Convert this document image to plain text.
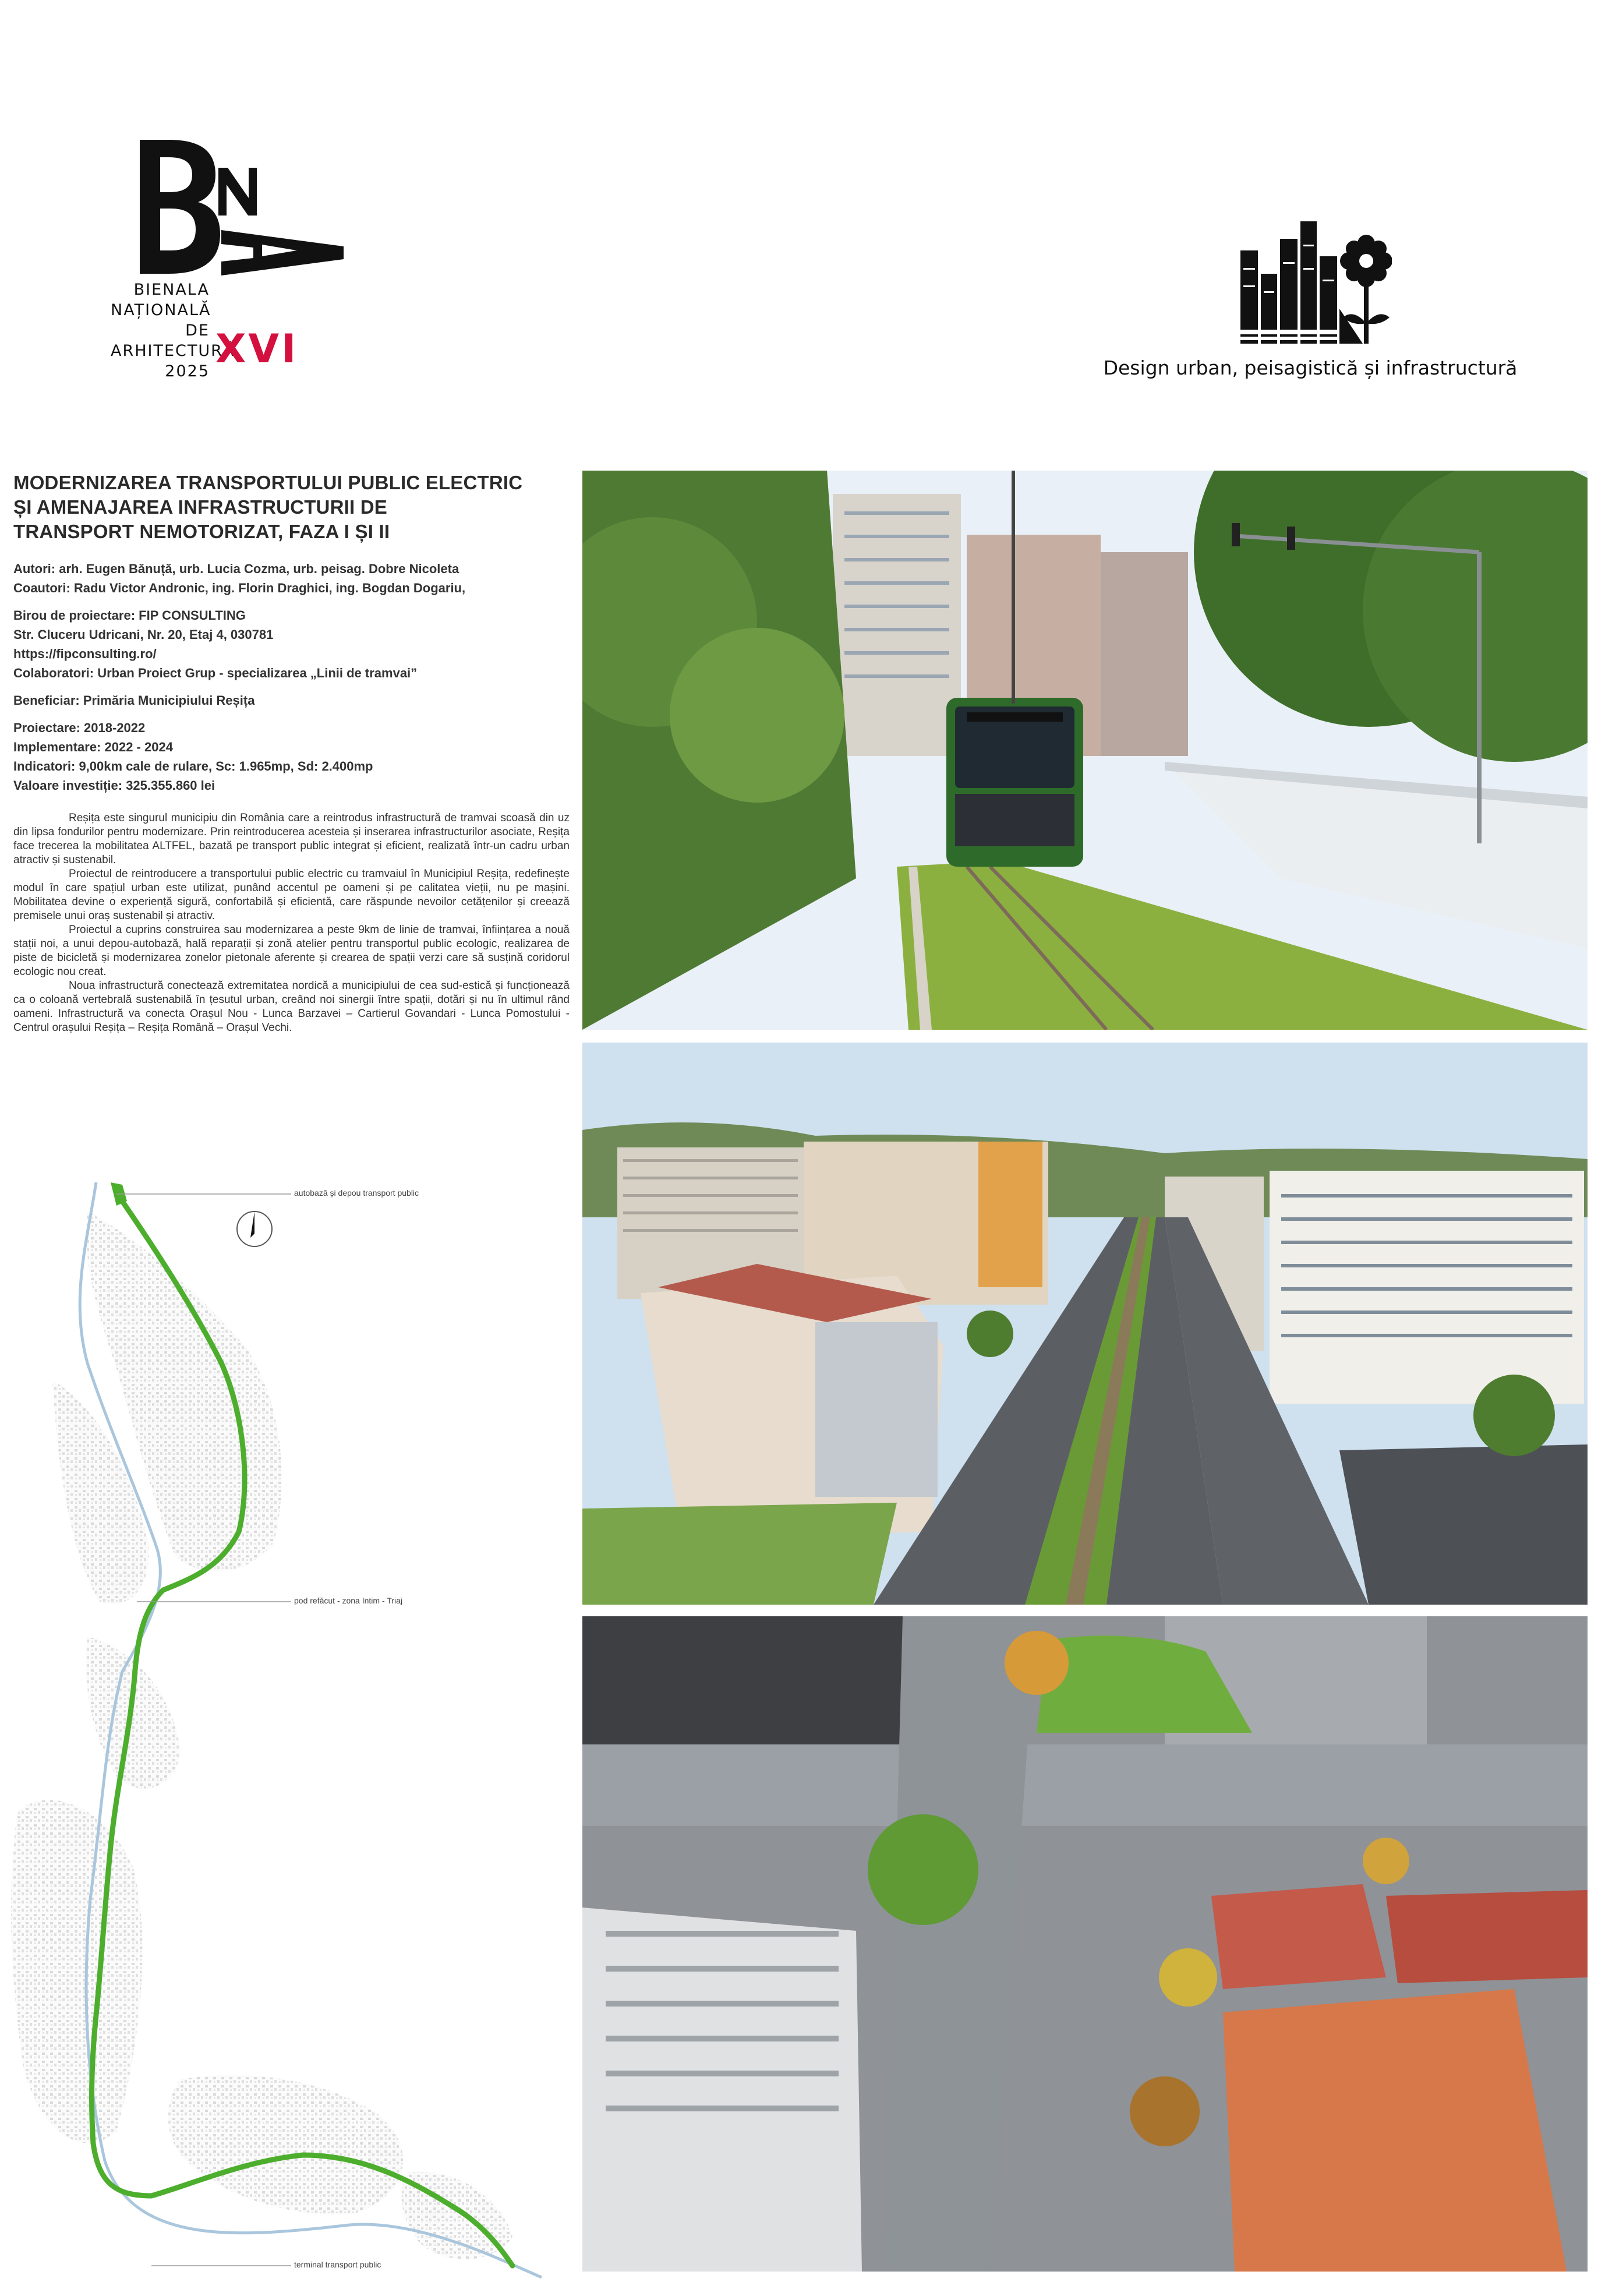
BIENALA
NAȚIONALĂ
DE
ARHITECTURĂ
2025 XVI	Design urban, peisagistică și infrastructură
MODERNIZAREA TRANSPORTULUI PUBLIC ELECTRIC
ȘI AMENAJAREA INFRASTRUCTURII DE
TRANSPORT NEMOTORIZAT, FAZA I ȘI II
Autori: arh. Eugen Bănuță, urb. Lucia Cozma, urb. peisag. Dobre Nicoleta
Coautori: Radu Victor Andronic, ing. Florin Draghici, ing. Bogdan Dogariu,
Birou de proiectare: FIP CONSULTING
Str. Cluceru Udricani, Nr. 20, Etaj 4, 030781
https://fipconsulting.ro/
Colaboratori: Urban Proiect Grup - specializarea „Linii de tramvai”
Beneficiar: Primăria Municipiului Reșița
Proiectare: 2018-2022
Implementare: 2022 - 2024
Indicatori: 9,00km cale de rulare, Sc: 1.965mp, Sd: 2.400mp
Valoare investiție: 325.355.860 lei

Reșița este singurul municipiu din România care a reintrodus infrastructură de tramvai scoasă din uz din lipsa fondurilor pentru modernizare. Prin reintroducerea acesteia și inserarea infrastructurilor asociate, Reșița face trecerea la mobilitatea ALTFEL, bazată pe transport public integrat și eficient, realizată într-un cadru urban atractiv și sustenabil.

Proiectul de reintroducere a transportului public electric cu tramvaiul în Municipiul Reșița, redefinește modul în care spațiul urban este utilizat, punând accentul pe oameni și pe calitatea vieții, nu pe mașini. Mobilitatea devine o experiență sigură, confortabilă și eficientă, care răspunde nevoilor cetățenilor și creează premisele unui oraș sustenabil și atractiv.

Proiectul a cuprins construirea sau modernizarea a peste 9km de linie de tramvai, înființarea a nouă stații noi, a unui depou-autobază, hală reparații și zonă atelier pentru transportul public ecologic, realizarea de piste de bicicletă și modernizarea zonelor pietonale aferente și crearea de spații verzi care să susțină coridorul ecologic nou creat.

Noua infrastructură conectează extremitatea nordică a municipiului de cea sud-estică și funcționează ca o coloană vertebrală sustenabilă în țesutul urban, creând noi sinergii între spații, dotări și nu în ultimul rând oameni. Infrastructură va conecta Orașul Nou - Lunca Barzavei – Cartierul Govandari - Lunca Pomostului - Centrul orașului Reșița – Reșița Română – Orașul Vechi.

autobază și depou transport public
pod refăcut - zona Intim - Triaj
terminal transport public
